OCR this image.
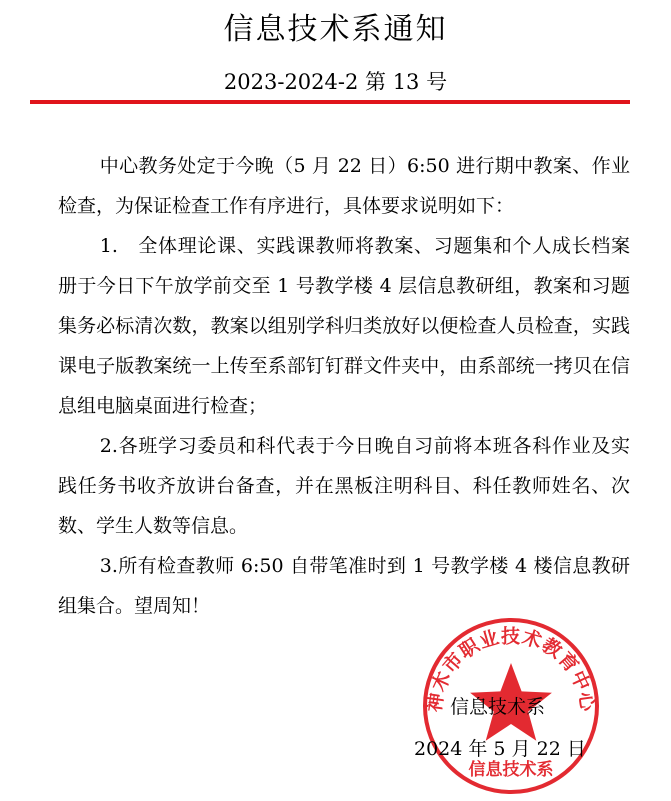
信息技术系通知
2023-2024-2 第 13 号

中心教务处定于今晚（5 月 22 日）6:50 进行期中教案、作业检查，为保证检查工作有序进行，具体要求说明如下：

1.　全体理论课、实践课教师将教案、习题集和个人成长档案册于今日下午放学前交至 1 号教学楼 4 层信息教研组，教案和习题集务必标清次数，教案以组别学科归类放好以便检查人员检查，实践课电子版教案统一上传至系部钉钉群文件夹中，由系部统一拷贝在信息组电脑桌面进行检查；

2.各班学习委员和科代表于今日晚自习前将本班各科作业及实践任务书收齐放讲台备查，并在黑板注明科目、科任教师姓名、次数、学生人数等信息。

3.所有检查教师 6:50 自带笔准时到 1 号教学楼 4 楼信息教研组集合。望周知！

神木市职业技术教育中心
信息技术系
信息技术系
2024 年 5 月 22 日
